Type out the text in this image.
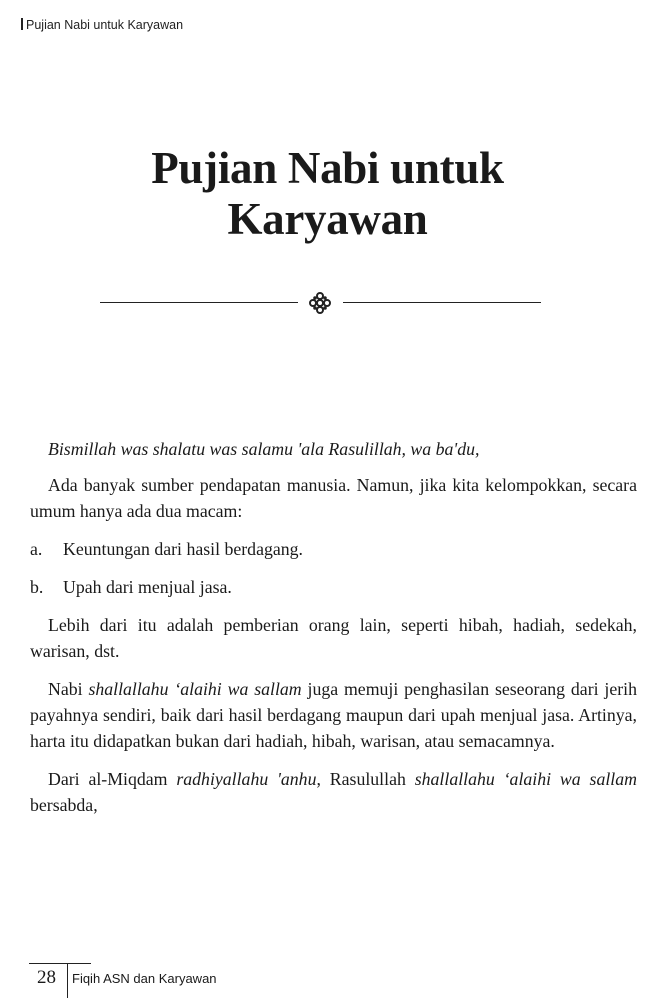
Pujian Nabi untuk Karyawan
Pujian Nabi untuk
Karyawan

Bismillah was shalatu was salamu 'ala Rasulillah, wa ba'du,

Ada banyak sumber pendapatan manusia. Namun, jika kita kelompokkan, secara umum hanya ada dua macam:

a.	Keuntungan dari hasil berdagang.
b.	Upah dari menjual jasa.

Lebih dari itu adalah pemberian orang lain, seperti hibah, hadiah, sedekah, warisan, dst.

Nabi shallallahu ‘alaihi wa sallam juga memuji penghasilan seseorang dari jerih payahnya sendiri, baik dari hasil berdagang maupun dari upah menjual jasa. Artinya, harta itu didapatkan bukan dari hadiah, hibah, warisan, atau semacamnya.

Dari al-Miqdam radhiyallahu 'anhu, Rasulullah shallallahu ‘alaihi wa sallam bersabda,

28 Fiqih ASN dan Karyawan
